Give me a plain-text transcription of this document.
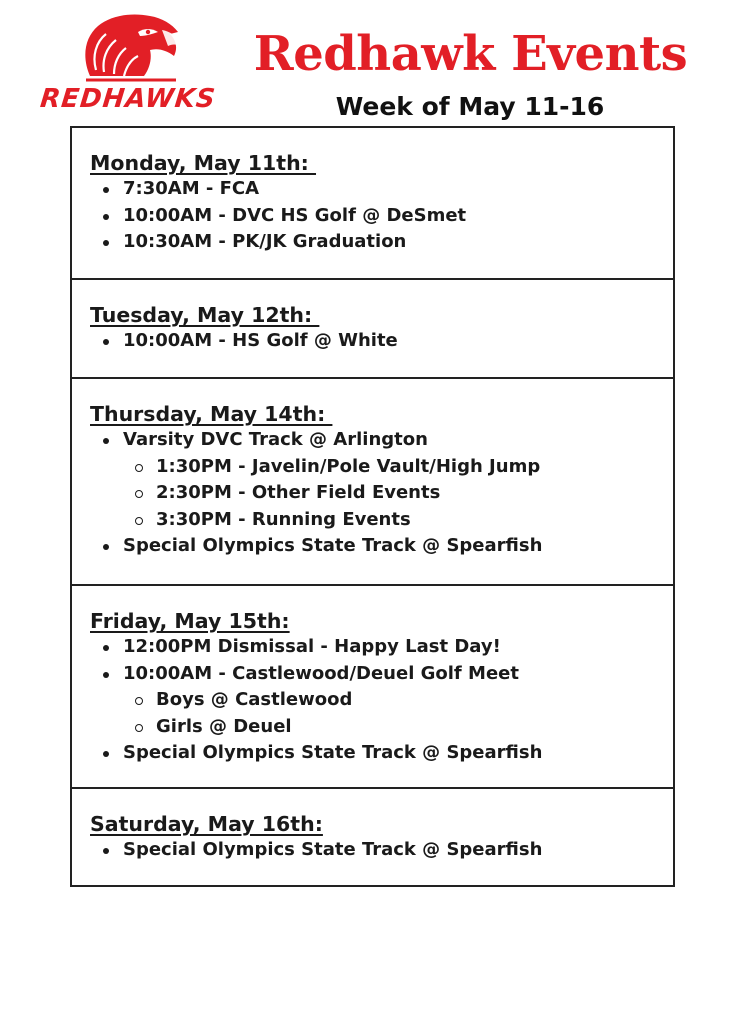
REDHAWKS
Redhawk Events
Week of May 11-16
Monday, May 11th:
7:30AM - FCA
10:00AM - DVC HS Golf @ DeSmet
10:30AM - PK/JK Graduation
Tuesday, May 12th:
10:00AM - HS Golf @ White
Thursday, May 14th:
Varsity DVC Track @ Arlington
1:30PM - Javelin/Pole Vault/High Jump
2:30PM - Other Field Events
3:30PM - Running Events
Special Olympics State Track @ Spearfish
Friday, May 15th:
12:00PM Dismissal - Happy Last Day!
10:00AM - Castlewood/Deuel Golf Meet
Boys @ Castlewood
Girls @ Deuel
Special Olympics State Track @ Spearfish
Saturday, May 16th:
Special Olympics State Track @ Spearfish
